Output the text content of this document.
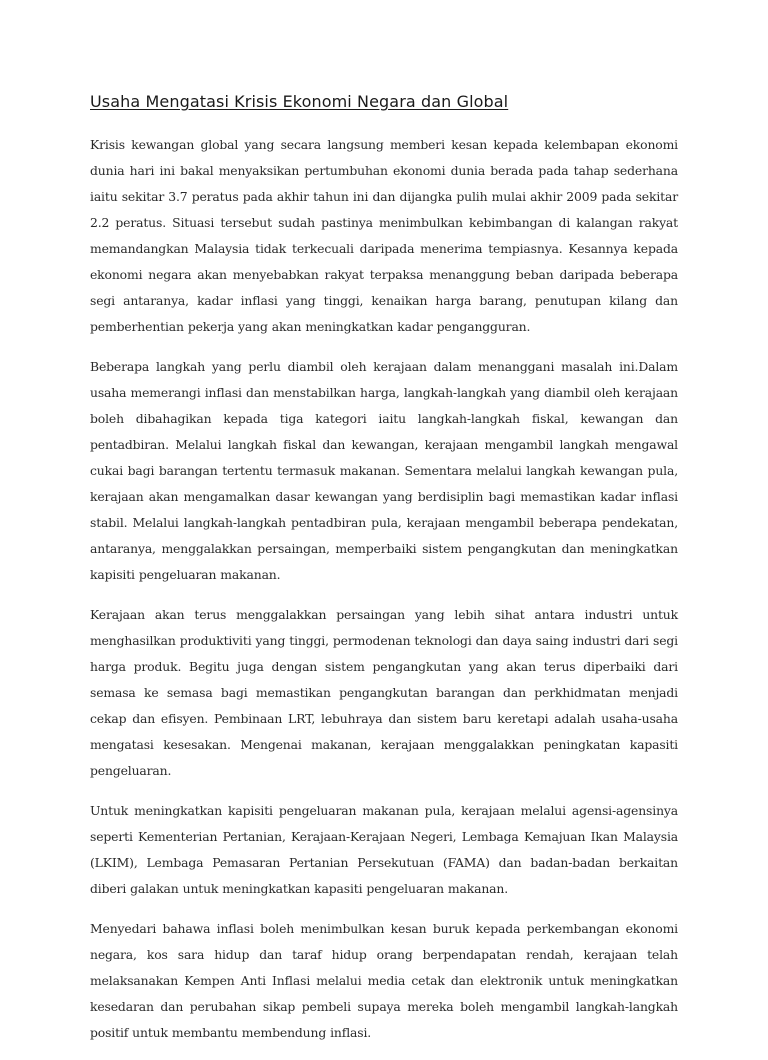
Usaha Mengatasi Krisis Ekonomi Negara dan Global

Krisis kewangan global yang secara langsung memberi kesan kepada kelembapan ekonomi dunia hari ini bakal menyaksikan pertumbuhan ekonomi dunia berada pada tahap sederhana iaitu sekitar 3.7 peratus pada akhir tahun ini dan dijangka pulih mulai akhir 2009 pada sekitar 2.2 peratus. Situasi tersebut sudah pastinya menimbulkan kebimbangan di kalangan rakyat memandangkan Malaysia tidak terkecuali daripada menerima tempiasnya. Kesannya kepada ekonomi negara akan menyebabkan rakyat terpaksa menanggung beban daripada beberapa segi antaranya, kadar inflasi yang tinggi, kenaikan harga barang, penutupan kilang dan pemberhentian pekerja yang akan meningkatkan kadar pengangguran.

Beberapa langkah yang perlu diambil oleh kerajaan dalam menanggani masalah ini.Dalam usaha memerangi inflasi dan menstabilkan harga, langkah-langkah yang diambil oleh kerajaan boleh dibahagikan kepada tiga kategori iaitu langkah-langkah fiskal, kewangan dan pentadbiran. Melalui langkah fiskal dan kewangan, kerajaan mengambil langkah mengawal cukai bagi barangan tertentu termasuk makanan. Sementara melalui langkah kewangan pula, kerajaan akan mengamalkan dasar kewangan yang berdisiplin bagi memastikan kadar inflasi stabil. Melalui langkah-langkah pentadbiran pula, kerajaan mengambil beberapa pendekatan, antaranya, menggalakkan persaingan, memperbaiki sistem pengangkutan dan meningkatkan kapisiti pengeluaran makanan.

Kerajaan akan terus menggalakkan persaingan yang lebih sihat antara industri untuk menghasilkan produktiviti yang tinggi, permodenan teknologi dan daya saing industri dari segi harga produk. Begitu juga dengan sistem pengangkutan yang akan terus diperbaiki dari semasa ke semasa bagi memastikan pengangkutan barangan dan perkhidmatan menjadi cekap dan efisyen. Pembinaan LRT, lebuhraya dan sistem baru keretapi adalah usaha-usaha mengatasi kesesakan. Mengenai makanan, kerajaan menggalakkan peningkatan kapasiti pengeluaran.

Untuk meningkatkan kapisiti pengeluaran makanan pula, kerajaan melalui agensi-agensinya seperti Kementerian Pertanian, Kerajaan-Kerajaan Negeri, Lembaga Kemajuan Ikan Malaysia (LKIM), Lembaga Pemasaran Pertanian Persekutuan (FAMA) dan badan-badan berkaitan diberi galakan untuk meningkatkan kapasiti pengeluaran makanan.

Menyedari bahawa inflasi boleh menimbulkan kesan buruk kepada perkembangan ekonomi negara, kos sara hidup dan taraf hidup orang berpendapatan rendah, kerajaan telah melaksanakan Kempen Anti Inflasi melalui media cetak dan elektronik untuk meningkatkan kesedaran dan perubahan sikap pembeli supaya mereka boleh mengambil langkah-langkah positif untuk membantu membendung inflasi.
